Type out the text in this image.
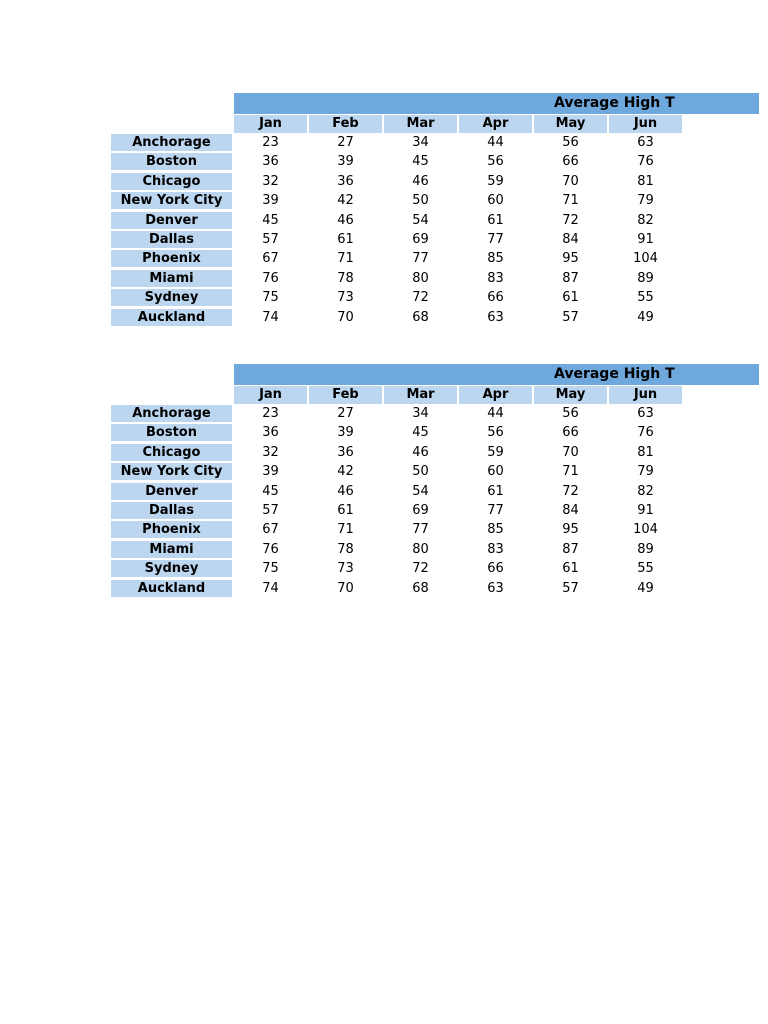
Average High T
Jan	Feb	Mar	Apr	May	Jun
Anchorage	23	27	34	44	56	63
Boston	36	39	45	56	66	76
Chicago	32	36	46	59	70	81
New York City	39	42	50	60	71	79
Denver	45	46	54	61	72	82
Dallas	57	61	69	77	84	91
Phoenix	67	71	77	85	95	104
Miami	76	78	80	83	87	89
Sydney	75	73	72	66	61	55
Auckland	74	70	68	63	57	49
Average High T
Jan	Feb	Mar	Apr	May	Jun
Anchorage	23	27	34	44	56	63
Boston	36	39	45	56	66	76
Chicago	32	36	46	59	70	81
New York City	39	42	50	60	71	79
Denver	45	46	54	61	72	82
Dallas	57	61	69	77	84	91
Phoenix	67	71	77	85	95	104
Miami	76	78	80	83	87	89
Sydney	75	73	72	66	61	55
Auckland	74	70	68	63	57	49
